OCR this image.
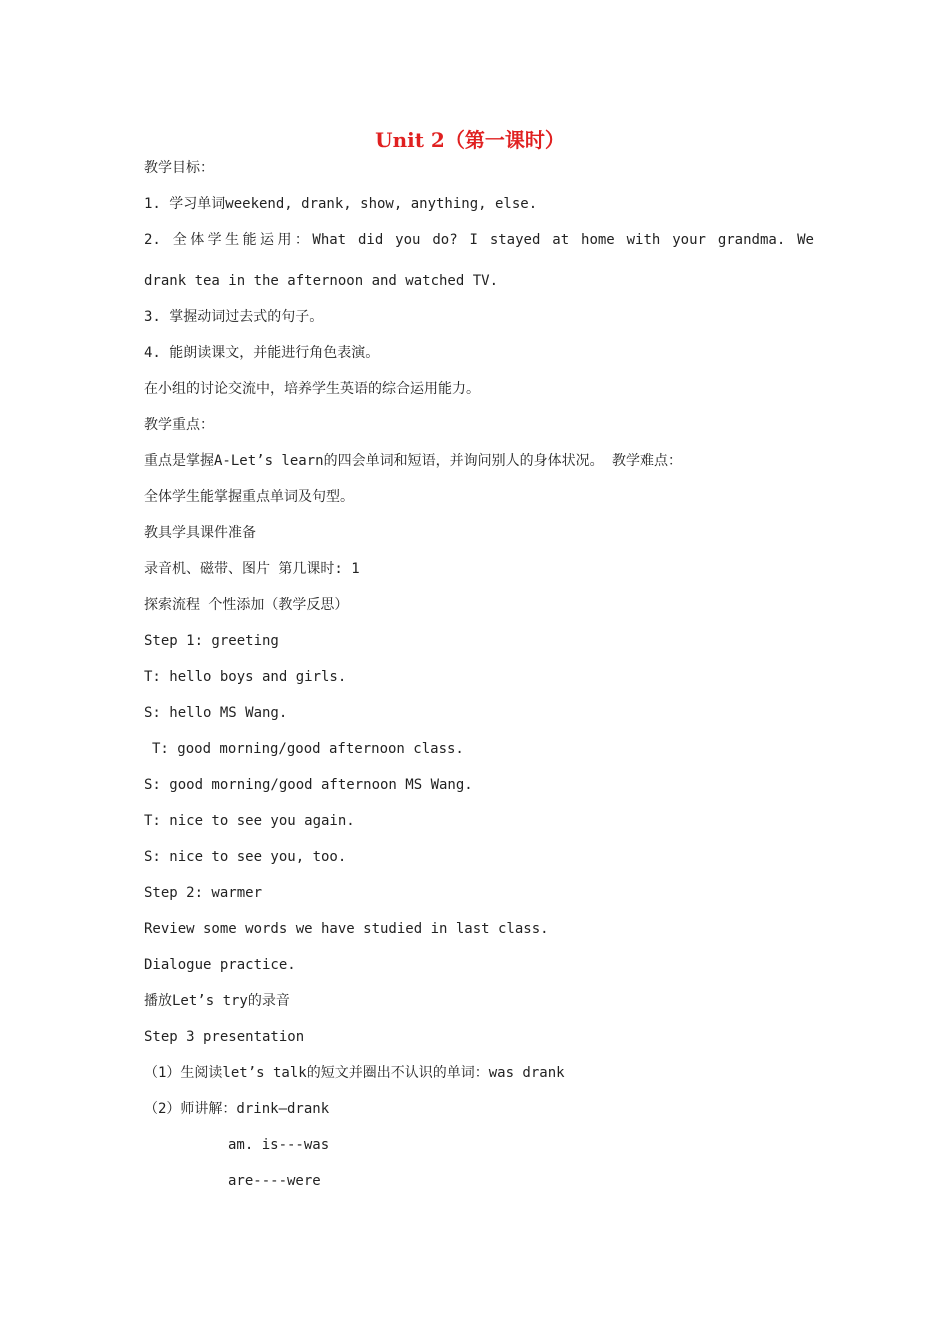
Unit 2（第一课时）
教学目标：
1. 学习单词weekend, drank, show, anything, else.
2. 全体学生能运用：What did you do? I stayed at home with your grandma. We
drank tea in the afternoon and watched TV.
3. 掌握动词过去式的句子。
4. 能朗读课文，并能进行角色表演。
在小组的讨论交流中，培养学生英语的综合运用能力。
教学重点：
重点是掌握A-Let’s learn的四会单词和短语，并询问别人的身体状况。 教学难点：
全体学生能掌握重点单词及句型。
教具学具课件准备
录音机、磁带、图片 第几课时: 1
探索流程 个性添加（教学反思）
Step 1: greeting
T: hello boys and girls.
S: hello MS Wang.
T: good morning/good afternoon class.
S: good morning/good afternoon MS Wang.
T: nice to see you again.
S: nice to see you, too.
Step 2: warmer
Review some words we have studied in last class.
Dialogue practice.
播放Let’s try的录音
Step 3 presentation
（1）生阅读let’s talk的短文并圈出不认识的单词：was drank
（2）师讲解：drink—drank
am. is---was
are----were
